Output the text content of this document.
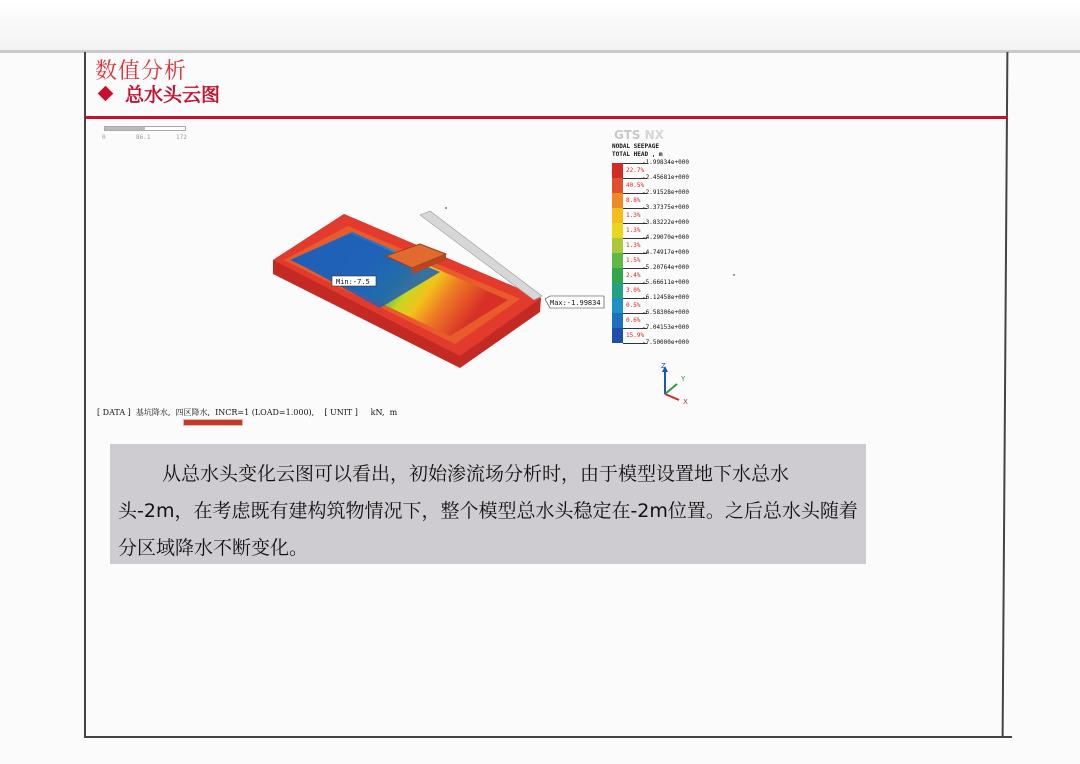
数值分析
总水头云图
0	86.1	172
Min:-7.5
Max:-1.99834
GTS NX
NODAL SEEPAGE
TOTAL HEAD , m
-1.99834e+000
-2.45681e+000
-2.91528e+000
-3.37375e+000
-3.83222e+000
-4.29070e+000
-4.74917e+000
-5.20764e+000
-5.66611e+000
-6.12458e+000
-6.58306e+000
-7.04153e+000
-7.50000e+000
22.7%
40.5%
8.8%
1.3%
1.3%
1.3%
1.5%
2.4%
3.0%
0.5%
0.6%
15.9%
Z
Y
X
[ DATA ]  基坑降水,  四区降水,  INCR=1 (LOAD=1.000),    [ UNIT ]     kN,  m

从总水头变化云图可以看出，初始渗流场分析时，由于模型设置地下水总水头-2m，在考虑既有建构筑物情况下，整个模型总水头稳定在-2m位置。之后总水头随着分区域降水不断变化。
